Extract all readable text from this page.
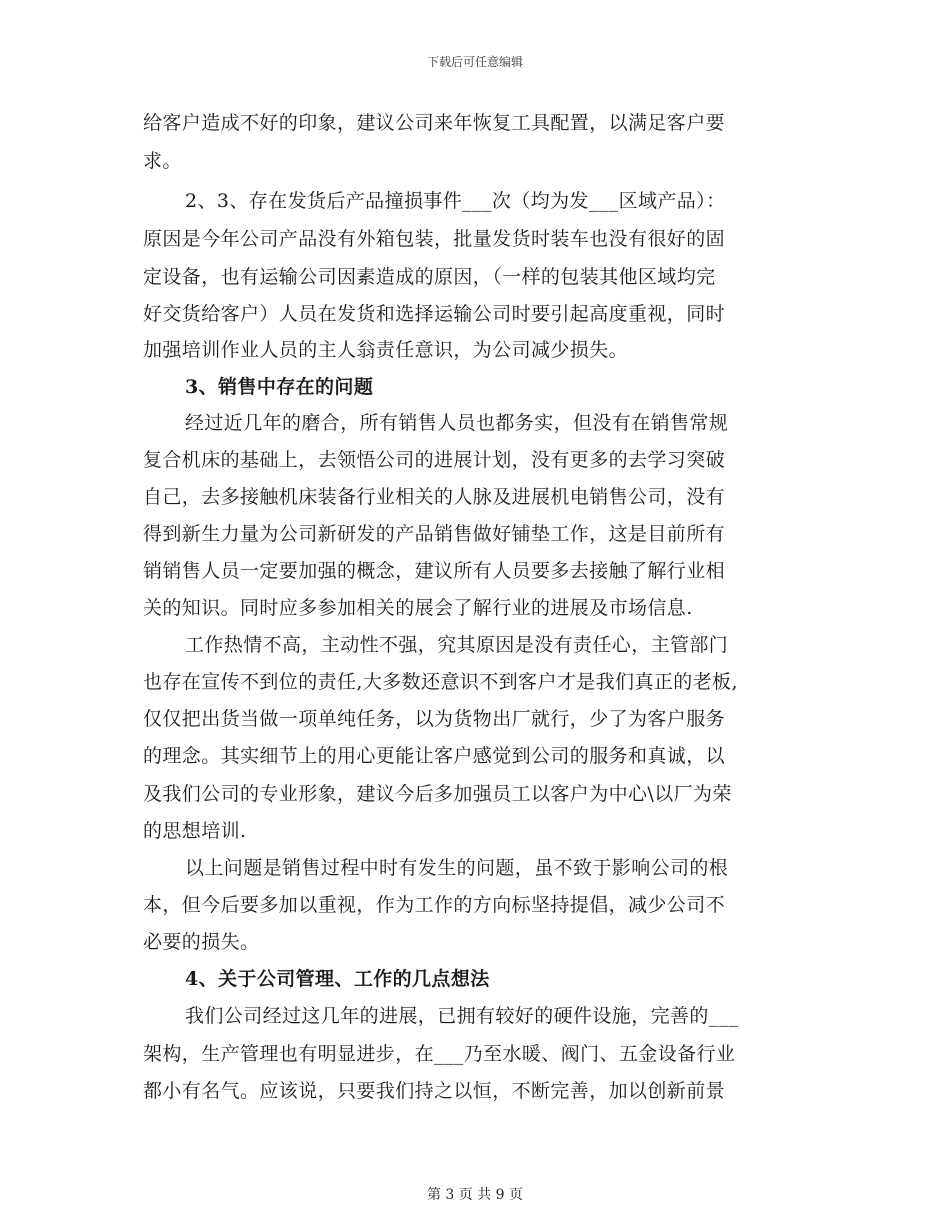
下载后可任意编辑
给客户造成不好的印象，建议公司来年恢复工具配置，以满足客户要
求。
2、3、存在发货后产品撞损事件___次（均为发___区域产品）：
原因是今年公司产品没有外箱包装，批量发货时装车也没有很好的固
定设备，也有运输公司因素造成的原因，（一样的包装其他区域均完
好交货给客户）人员在发货和选择运输公司时要引起高度重视，同时
加强培训作业人员的主人翁责任意识，为公司减少损失。
3、销售中存在的问题
经过近几年的磨合，所有销售人员也都务实，但没有在销售常规
复合机床的基础上，去领悟公司的进展计划，没有更多的去学习突破
自己，去多接触机床装备行业相关的人脉及进展机电销售公司，没有
得到新生力量为公司新研发的产品销售做好铺垫工作，这是目前所有
销销售人员一定要加强的概念，建议所有人员要多去接触了解行业相
关的知识。同时应多参加相关的展会了解行业的进展及市场信息.
工作热情不高，主动性不强，究其原因是没有责任心，主管部门
也存在宣传不到位的责任,大多数还意识不到客户才是我们真正的老板,
仅仅把出货当做一项单纯任务，以为货物出厂就行，少了为客户服务
的理念。其实细节上的用心更能让客户感觉到公司的服务和真诚，以
及我们公司的专业形象，建议今后多加强员工以客户为中心\以厂为荣
的思想培训.
以上问题是销售过程中时有发生的问题，虽不致于影响公司的根
本，但今后要多加以重视，作为工作的方向标坚持提倡，减少公司不
必要的损失。
4、关于公司管理、工作的几点想法
我们公司经过这几年的进展，已拥有较好的硬件设施，完善的___
架构，生产管理也有明显进步，在___乃至水暖、阀门、五金设备行业
都小有名气。应该说，只要我们持之以恒，不断完善，加以创新前景
第 3 页 共 9 页
